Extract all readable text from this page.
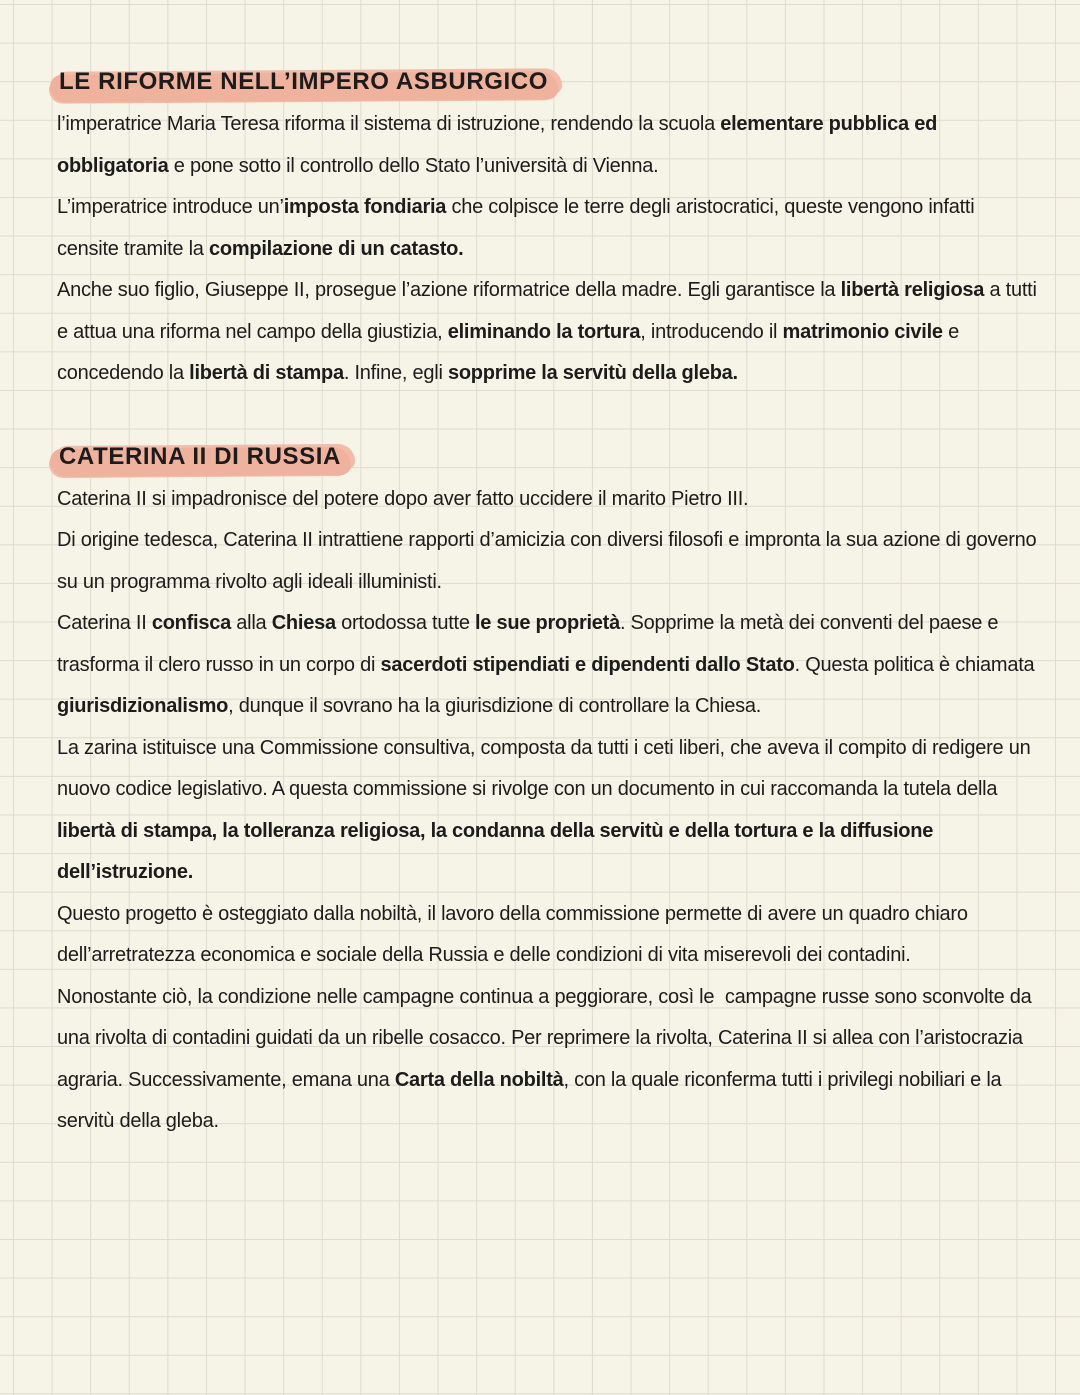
LE RIFORME NELL’IMPERO ASBURGICO

l’imperatrice Maria Teresa riforma il sistema di istruzione, rendendo la scuola elementare pubblica ed obbligatoria e pone sotto il controllo dello Stato l’università di Vienna.

L’imperatrice introduce un’imposta fondiaria che colpisce le terre degli aristocratici, queste vengono infatti censite tramite la compilazione di un catasto.

Anche suo figlio, Giuseppe II, prosegue l’azione riformatrice della madre. Egli garantisce la libertà religiosa a tutti e attua una riforma nel campo della giustizia, eliminando la tortura, introducendo il matrimonio civile e concedendo la libertà di stampa. Infine, egli sopprime la servitù della gleba.

CATERINA II DI RUSSIA

Caterina II si impadronisce del potere dopo aver fatto uccidere il marito Pietro III.

Di origine tedesca, Caterina II intrattiene rapporti d’amicizia con diversi filosofi e impronta la sua azione di governo su un programma rivolto agli ideali illuministi.

Caterina II confisca alla Chiesa ortodossa tutte le sue proprietà. Sopprime la metà dei conventi del paese e trasforma il clero russo in un corpo di sacerdoti stipendiati e dipendenti dallo Stato. Questa politica è chiamata giurisdizionalismo, dunque il sovrano ha la giurisdizione di controllare la Chiesa.

La zarina istituisce una Commissione consultiva, composta da tutti i ceti liberi, che aveva il compito di redigere un nuovo codice legislativo. A questa commissione si rivolge con un documento in cui raccomanda la tutela della libertà di stampa, la tolleranza religiosa, la condanna della servitù e della tortura e la diffusione dell’istruzione.

Questo progetto è osteggiato dalla nobiltà, il lavoro della commissione permette di avere un quadro chiaro dell’arretratezza economica e sociale della Russia e delle condizioni di vita miserevoli dei contadini.

Nonostante ciò, la condizione nelle campagne continua a peggiorare, così le  campagne russe sono sconvolte da una rivolta di contadini guidati da un ribelle cosacco. Per reprimere la rivolta, Caterina II si allea con l’aristocrazia agraria. Successivamente, emana una Carta della nobiltà, con la quale riconferma tutti i privilegi nobiliari e la servitù della gleba.
